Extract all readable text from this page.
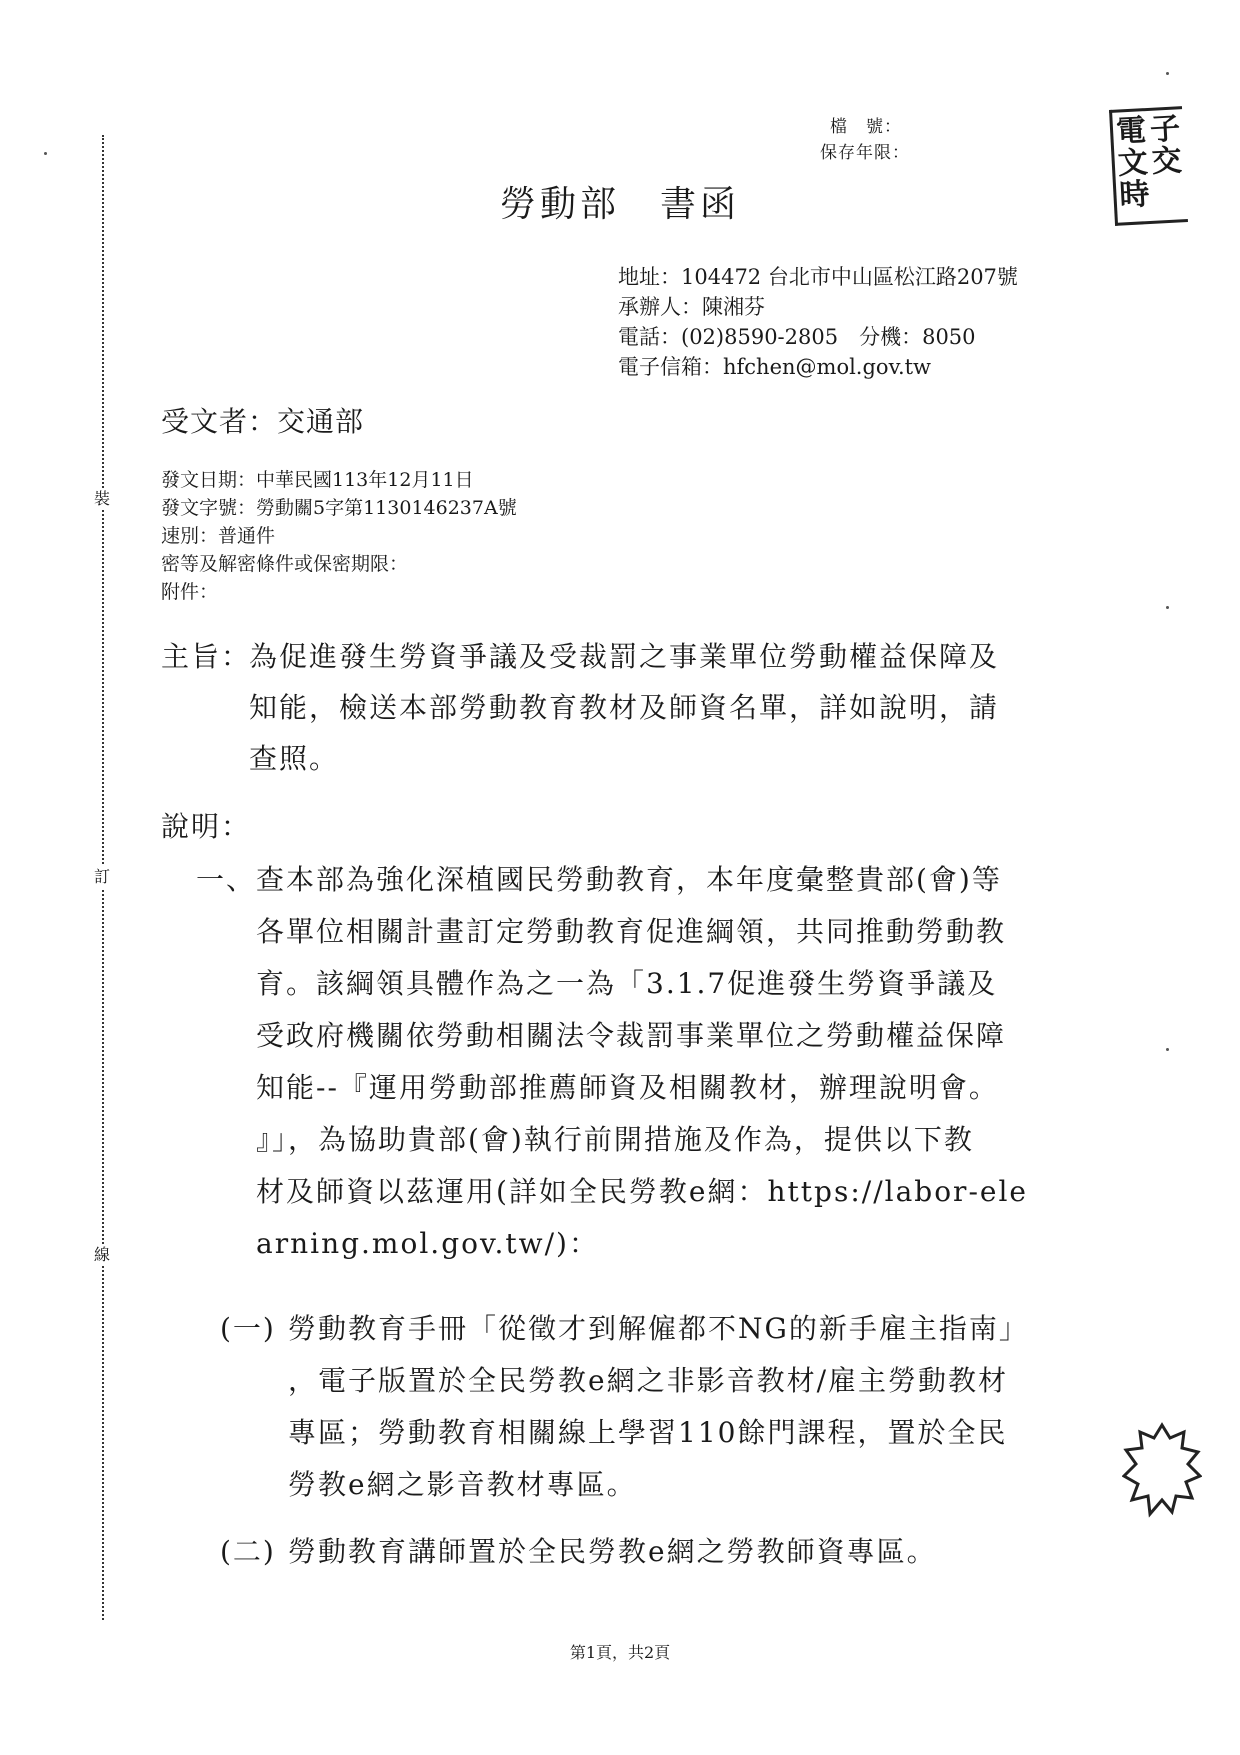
裝
訂
線
檔　號：
保存年限：
電
文
時
子
交
勞動部　書函
地址：104472 台北市中山區松江路207號
承辦人：陳湘芬
電話：(02)8590-2805　分機：8050
電子信箱：hfchen@mol.gov.tw
受文者：交通部
發文日期：中華民國113年12月11日
發文字號：勞動關5字第1130146237A號
速別：普通件
密等及解密條件或保密期限：
附件：
主旨：
為促進發生勞資爭議及受裁罰之事業單位勞動權益保障及
知能，檢送本部勞動教育教材及師資名單，詳如說明，請
查照。
說明：
一、 查本部為強化深植國民勞動教育，本年度彙整貴部(會)等
各單位相關計畫訂定勞動教育促進綱領，共同推動勞動教
育。該綱領具體作為之一為「3.1.7促進發生勞資爭議及
受政府機關依勞動相關法令裁罰事業單位之勞動權益保障
知能--『運用勞動部推薦師資及相關教材，辦理說明會。
』」，為協助貴部(會)執行前開措施及作為，提供以下教
材及師資以茲運用(詳如全民勞教e網：https://labor-ele
arning.mol.gov.tw/)：
(一) 勞動教育手冊「從徵才到解僱都不NG的新手雇主指南」
，電子版置於全民勞教e網之非影音教材/雇主勞動教材
專區；勞動教育相關線上學習110餘門課程，置於全民
勞教e網之影音教材專區。
(二) 勞動教育講師置於全民勞教e網之勞教師資專區。
第1頁，共2頁
